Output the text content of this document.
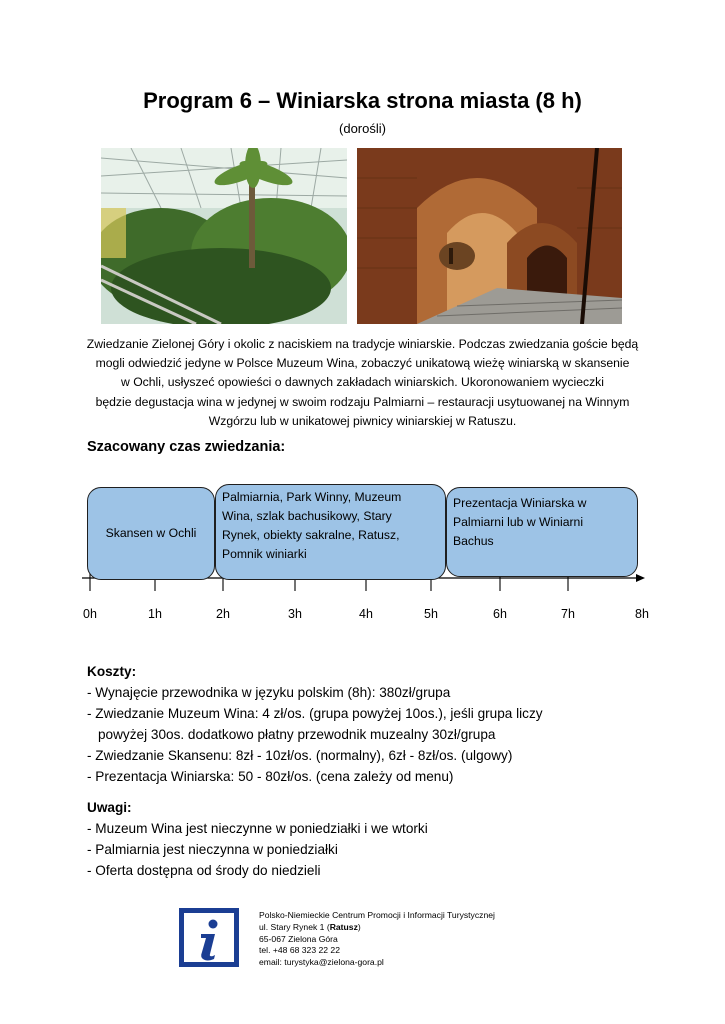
Program 6 – Winiarska strona miasta (8 h)
(dorośli)
Zwiedzanie Zielonej Góry i okolic z naciskiem na tradycje winiarskie. Podczas zwiedzania goście będą
mogli odwiedzić jedyne w Polsce Muzeum Wina, zobaczyć unikatową wieżę winiarską w skansenie
w Ochli, usłyszeć opowieści o dawnych zakładach winiarskich. Ukoronowaniem wycieczki
będzie degustacja wina w jedynej w swoim rodzaju Palmiarni – restauracji usytuowanej na Winnym
Wzgórzu lub w unikatowej piwnicy winiarskiej w Ratuszu.
Szacowany czas zwiedzania:
Skansen w Ochli
Palmiarnia, Park Winny, Muzeum
Wina, szlak bachusikowy, Stary
Rynek, obiekty sakralne, Ratusz,
Pomnik winiarki
Prezentacja Winiarska w
Palmiarni lub w Winiarni
Bachus
0h	1h	2h	3h	4h	5h	6h	7h	8h
Koszty:
- Wynajęcie przewodnika w języku polskim (8h): 380zł/grupa
- Zwiedzanie Muzeum Wina: 4 zł/os. (grupa powyżej 10os.), jeśli grupa liczy
powyżej 30os. dodatkowo płatny przewodnik muzealny 30zł/grupa
- Zwiedzanie Skansenu: 8zł - 10zł/os. (normalny), 6zł - 8zł/os. (ulgowy)
- Prezentacja Winiarska: 50 - 80zł/os. (cena zależy od menu)
Uwagi:
- Muzeum Wina jest nieczynne w poniedziałki i we wtorki
- Palmiarnia jest nieczynna w poniedziałki
- Oferta dostępna od środy do niedzieli
Polsko-Niemieckie Centrum Promocji i Informacji Turystycznej
ul. Stary Rynek 1 (Ratusz)
65-067 Zielona Góra
tel. +48 68 323 22 22
email: turystyka@zielona-gora.pl
